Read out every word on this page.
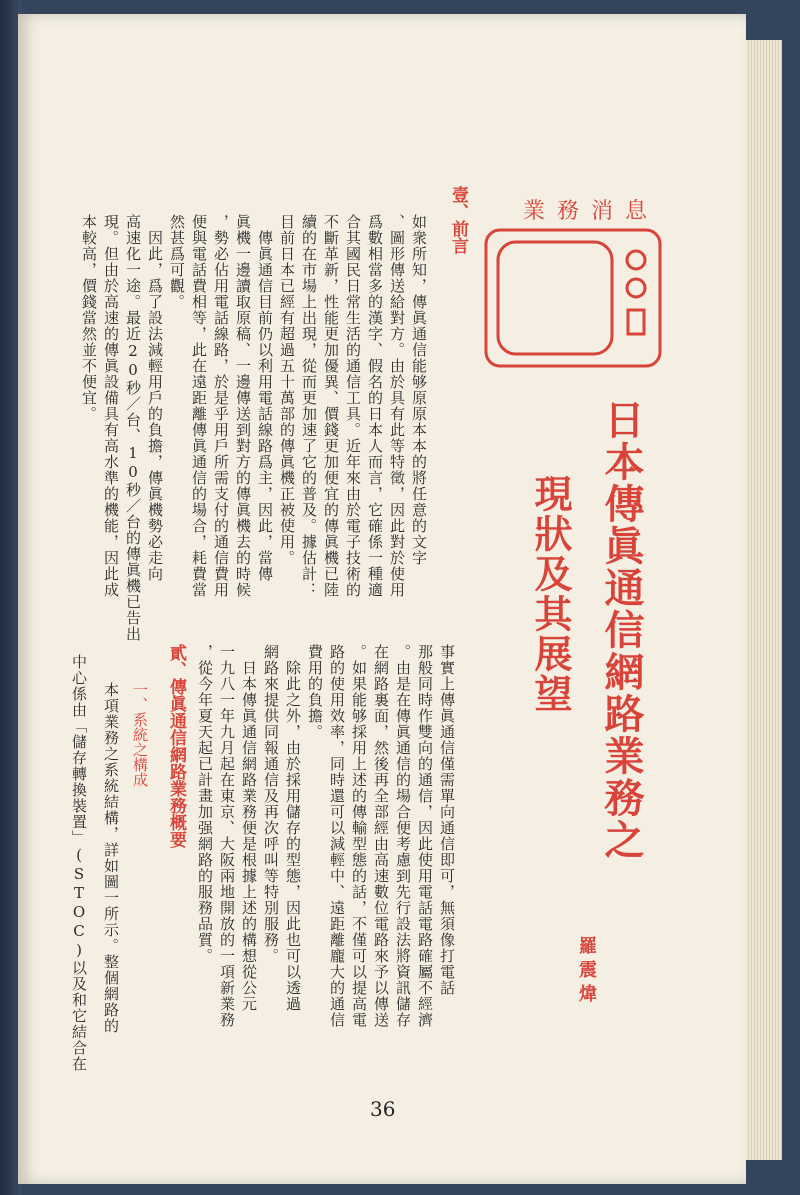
業務消息
日本傳眞通信網路業務之
現狀及其展望
羅震煒
壹、前言
如衆所知，傳眞通信能够原原本本的將任意的文字
、圖形傳送給對方。由於具有此等特徵，因此對於使用
爲數相當多的漢字、假名的日本人而言，它確係一種適
合其國民日常生活的通信工具。近年來由於電子技術的
不斷革新，性能更加優異、價錢更加便宜的傳眞機已陸
續的在市場上出現，從而更加速了它的普及。據估計：
目前日本已經有超過五十萬部的傳眞機正被使用。
　傳眞通信目前仍以利用電話線路爲主，因此，當傳
眞機一邊讀取原稿、一邊傳送到對方的傳眞機去的時候
，勢必佔用電話線路，於是乎用戶所需支付的通信費用
便與電話費相等，此在遠距離傳眞通信的場合，耗費當
然甚爲可觀。
　因此，爲了設法減輕用戶的負擔，傳眞機勢必走向
高速化一途。最近20秒／台、10秒／台的傳眞機已告出
現。但由於高速的傳眞設備具有高水準的機能，因此成
本較高，價錢當然並不便宜。
事實上傳眞通信僅需單向通信即可，無須像打電話
那般同時作雙向的通信，因此使用電話電路確屬不經濟
。由是在傳眞通信的場合便考慮到先行設法將資訊儲存
在網路裏面，然後再全部經由高速數位電路來予以傳送
。如果能够採用上述的傳輸型態的話，不僅可以提高電
路的使用效率，同時還可以減輕中、遠距離龐大的通信
費用的負擔。
　除此之外，由於採用儲存的型態，因此也可以透過
網路來提供同報通信及再次呼叫等特別服務。
　日本傳眞通信網路業務便是根據上述的構想從公元
一九八一年九月起在東京、大阪兩地開放的一項新業務
，從今年夏天起已計畫加强網路的服務品質。
貳、傳眞通信網路業務概要
一、系統之構成
本項業務之系統結構，詳如圖一所示。整個網路的
中心係由「儲存轉換裝置」(STOC)以及和它結合在
36
